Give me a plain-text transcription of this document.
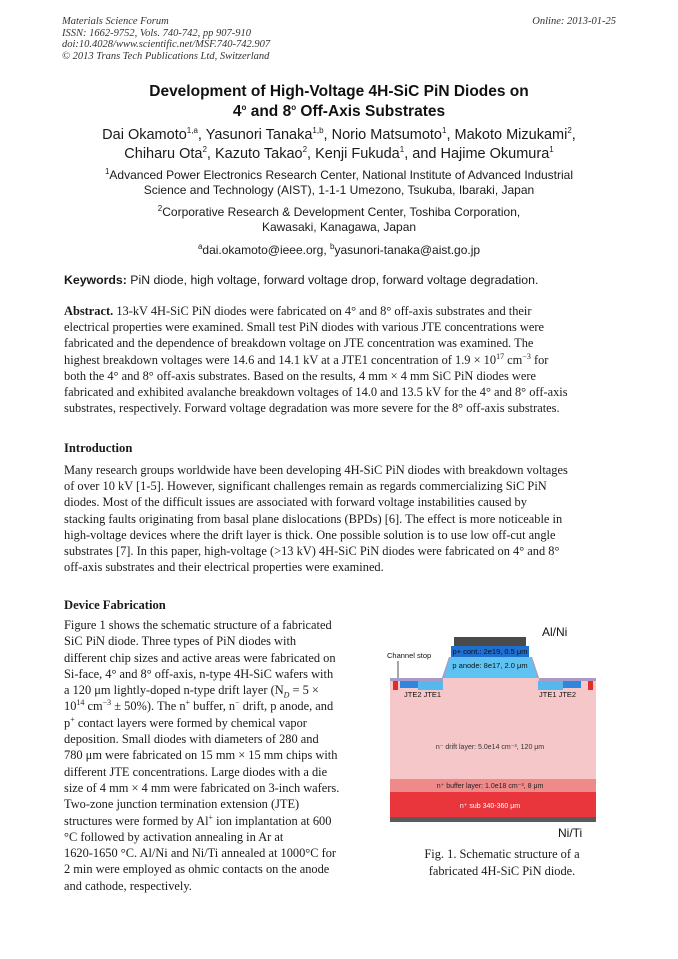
Materials Science Forum
ISSN: 1662-9752, Vols. 740-742, pp 907-910
doi:10.4028/www.scientific.net/MSF.740-742.907
© 2013 Trans Tech Publications Ltd, Switzerland
Online: 2013-01-25
Development of High-Voltage 4H-SiC PiN Diodes on
4$^o$ and 8$^o$ Off-Axis Substrates
Dai Okamoto$^{1,a}$, Yasunori Tanaka$^{1,b}$, Norio Matsumoto$^1$, Makoto Mizukami$^2$,
Chiharu Ota$^2$, Kazuto Takao$^2$, Kenji Fukuda$^1$, and Hajime Okumura$^1$
$^1$Advanced Power Electronics Research Center, National Institute of Advanced Industrial
Science and Technology (AIST), 1-1-1 Umezono, Tsukuba, Ibaraki, Japan
$^2$Corporative Research & Development Center, Toshiba Corporation,
Kawasaki, Kanagawa, Japan
$^a$dai.okamoto@ieee.org, $^b$yasunori-tanaka@aist.go.jp
Keywords: PiN diode, high voltage, forward voltage drop, forward voltage degradation.
Abstract. 13-kV 4H-SiC PiN diodes were fabricated on 4° and 8° off-axis substrates and their
electrical properties were examined. Small test PiN diodes with various JTE concentrations were
fabricated and the dependence of breakdown voltage on JTE concentration was examined. The
highest breakdown voltages were 14.6 and 14.1 kV at a JTE1 concentration of $1.9 \times 10^{17}$ $cm^{-3}$ for
both the 4° and 8° off-axis substrates. Based on the results, 4 mm × 4 mm SiC PiN diodes were
fabricated and exhibited avalanche breakdown voltages of 14.0 and 13.5 kV for the 4° and 8° off-axis
substrates, respectively. Forward voltage degradation was more severe for the 8° off-axis substrates.
Introduction
Many research groups worldwide have been developing 4H-SiC PiN diodes with breakdown voltages
of over 10 kV [1-5]. However, significant challenges remain as regards commercializing SiC PiN
diodes. Most of the difficult issues are associated with forward voltage instabilities caused by
stacking faults originating from basal plane dislocations (BPDs) [6]. The effect is more noticeable in
high-voltage devices where the drift layer is thick. One possible solution is to use low off-cut angle
substrates [7]. In this paper, high-voltage (>13 kV) 4H-SiC PiN diodes were fabricated on 4° and 8°
off-axis substrates and their electrical properties were examined.
Device Fabrication
Figure 1 shows the schematic structure of a fabricated
SiC PiN diode. Three types of PiN diodes with
different chip sizes and active areas were fabricated on
Si-face, 4° and 8° off-axis, n-type 4H-SiC wafers with
a 120 μm lightly-doped n-type drift layer ($N_D = 5$ ×
$10^{14}$ $cm^{-3} \pm 50\%$). The n+ buffer, n− drift, p anode, and
p+ contact layers were formed by chemical vapor
deposition. Small diodes with diameters of 280 and
780 μm were fabricated on 15 mm × 15 mm chips with
different JTE concentrations. Large diodes with a die
size of 4 mm × 4 mm were fabricated on 3-inch wafers.
Two-zone junction termination extension (JTE)
structures were formed by Al+ ion implantation at 600
°C followed by activation annealing in Ar at
1620-1650 °C. Al/Ni and Ni/Ti annealed at 1000°C for
2 min were employed as ohmic contacts on the anode
and cathode, respectively.
Al/Ni
Channel stop	p+ cont.: 2e19, 0.5 μm
p anode: 8e17, 2.0 μm
JTE2 JTE1	JTE1 JTE2
n⁻ drift layer: 5.0e14 cm⁻³, 120 μm
n⁺ buffer layer: 1.0e18 cm⁻³, 8 μm
n⁺ sub 340-360 μm
Ni/Ti
Fig. 1. Schematic structure of a
fabricated 4H-SiC PiN diode.
